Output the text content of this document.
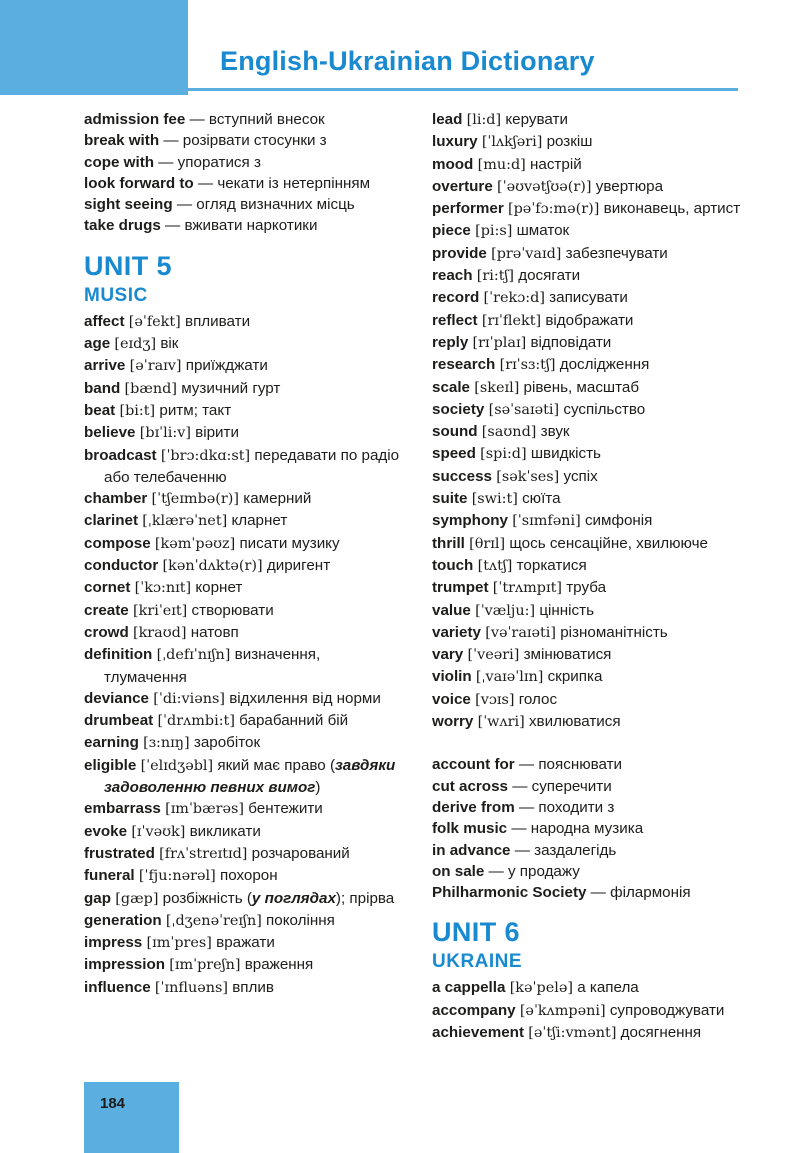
English-Ukrainian Dictionary
admission fee — вступний внесок
break with — розірвати стосунки з
cope with — упоратися з
look forward to — чекати із нетерпінням
sight seeing — огляд визначних місць
take drugs — вживати наркотики
UNIT 5
MUSIC
affect [əˈfekt] впливати
age [eɪdʒ] вік
arrive [əˈraɪv] приїжджати
band [bænd] музичний гурт
beat [bi:t] ритм; такт
believe [bɪˈli:v] вірити
broadcast [ˈbrɔ:dkɑ:st] передавати по радіо або телебаченню
chamber [ˈtʃeɪmbə(r)] камерний
clarinet [ˌklærəˈnet] кларнет
compose [kəmˈpəʊz] писати музику
conductor [kənˈdʌktə(r)] диригент
cornet [ˈkɔ:nɪt] корнет
create [kriˈeɪt] створювати
crowd [kraʊd] натовп
definition [ˌdefɪˈnɪʃn] визначення, тлумачення
deviance [ˈdi:viəns] відхилення від норми
drumbeat [ˈdrʌmbi:t] барабанний бій
earning [ɜ:nɪŋ] заробіток
eligible [ˈelɪdʒəbl] який має право (завдяки задоволенню певних вимог)
embarrass [ɪmˈbærəs] бентежити
evoke [ɪˈvəʊk] викликати
frustrated [frʌˈstreɪtɪd] розчарований
funeral [ˈfju:nərəl] похорон
gap [gæp] розбіжність (у поглядах); прірва
generation [ˌdʒenəˈreɪʃn] покоління
impress [ɪmˈpres] вражати
impression [ɪmˈpreʃn] враження
influence [ˈɪnfluəns] вплив
lead [li:d] керувати
luxury [ˈlʌkʃəri] розкіш
mood [mu:d] настрій
overture [ˈəʊvətʃʊə(r)] увертюра
performer [pəˈfɔ:mə(r)] виконавець, артист
piece [pi:s] шматок
provide [prəˈvaɪd] забезпечувати
reach [ri:tʃ] досягати
record [ˈrekɔ:d] записувати
reflect [rɪˈflekt] відображати
reply [rɪˈplaɪ] відповідати
research [rɪˈsɜ:tʃ] дослідження
scale [skeɪl] рівень, масштаб
society [səˈsaɪəti] суспільство
sound [saʊnd] звук
speed [spi:d] швидкість
success [səkˈses] успіх
suite [swi:t] сюїта
symphony [ˈsɪmfəni] симфонія
thrill [θrɪl] щось сенсаційне, хвилююче
touch [tʌtʃ] торкатися
trumpet [ˈtrʌmpɪt] труба
value [ˈvælju:] цінність
variety [vəˈraɪəti] різноманітність
vary [ˈveəri] змінюватися
violin [ˌvaɪəˈlɪn] скрипка
voice [vɔɪs] голос
worry [ˈwʌri] хвилюватися
account for — пояснювати
cut across — суперечити
derive from — походити з
folk music — народна музика
in advance — заздалегідь
on sale — у продажу
Philharmonic Society — філармонія
UNIT 6
UKRAINE
a cappella [kəˈpelə] а капела
accompany [əˈkʌmpəni] супроводжувати
achievement [əˈtʃi:vmənt] досягнення
184
